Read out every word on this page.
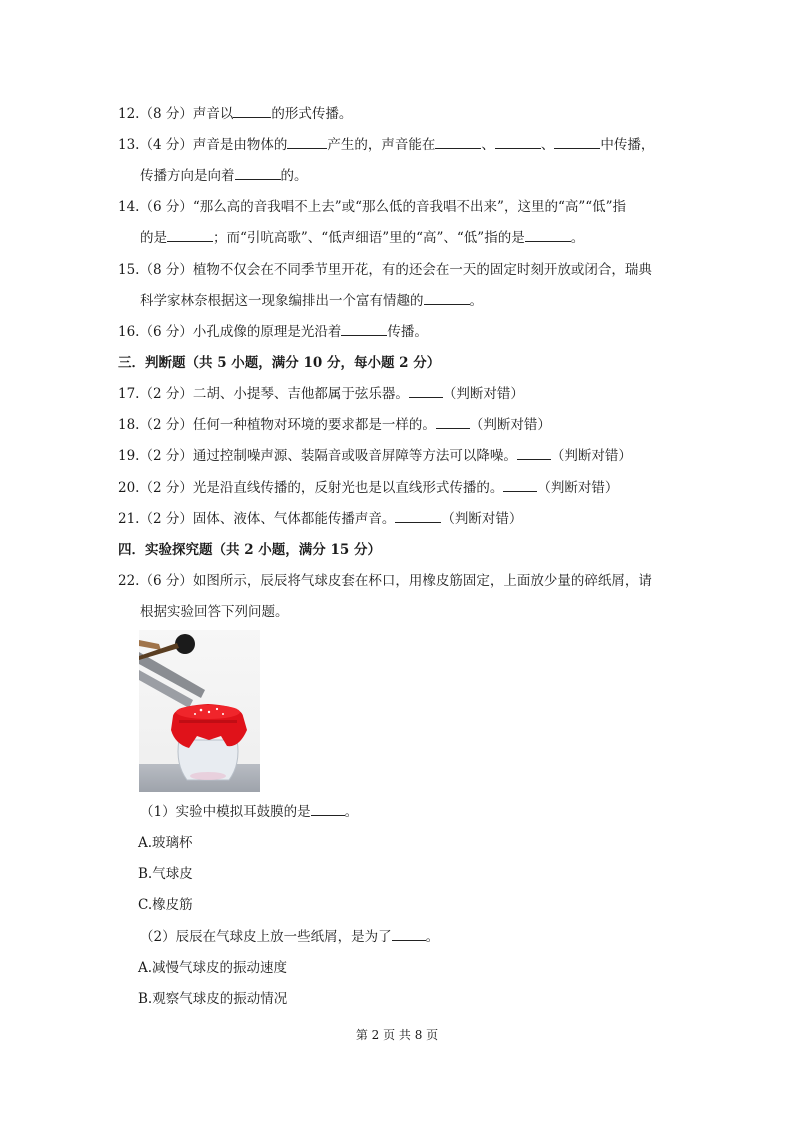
12.（8 分）声音以	的形式传播。
13.（4 分）声音是由物体的	产生的，声音能在	、	、	中传播，
传播方向是向着	的。
14.（6 分）“那么高的音我唱不上去”或“那么低的音我唱不出来”，这里的“高”“低”指
的是	；而“引吭高歌”、“低声细语”里的“高”、“低”指的是	。
15.（8 分）植物不仅会在不同季节里开花，有的还会在一天的固定时刻开放或闭合，瑞典
科学家林奈根据这一现象编排出一个富有情趣的	。
16.（6 分）小孔成像的原理是光沿着	传播。
三．判断题（共 5 小题，满分 10 分，每小题 2 分）
17.（2 分）二胡、小提琴、吉他都属于弦乐器。	（判断对错）
18.（2 分）任何一种植物对环境的要求都是一样的。	（判断对错）
19.（2 分）通过控制噪声源、装隔音或吸音屏障等方法可以降噪。	（判断对错）
20.（2 分）光是沿直线传播的，反射光也是以直线形式传播的。	（判断对错）
21.（2 分）固体、液体、气体都能传播声音。	（判断对错）
四．实验探究题（共 2 小题，满分 15 分）
22.（6 分）如图所示，辰辰将气球皮套在杯口，用橡皮筋固定，上面放少量的碎纸屑，请
根据实验回答下列问题。
（1）实验中模拟耳鼓膜的是	。
A.玻璃杯
B.气球皮
C.橡皮筋
（2）辰辰在气球皮上放一些纸屑，是为了	。
A.减慢气球皮的振动速度
B.观察气球皮的振动情况
第 2 页 共 8 页
